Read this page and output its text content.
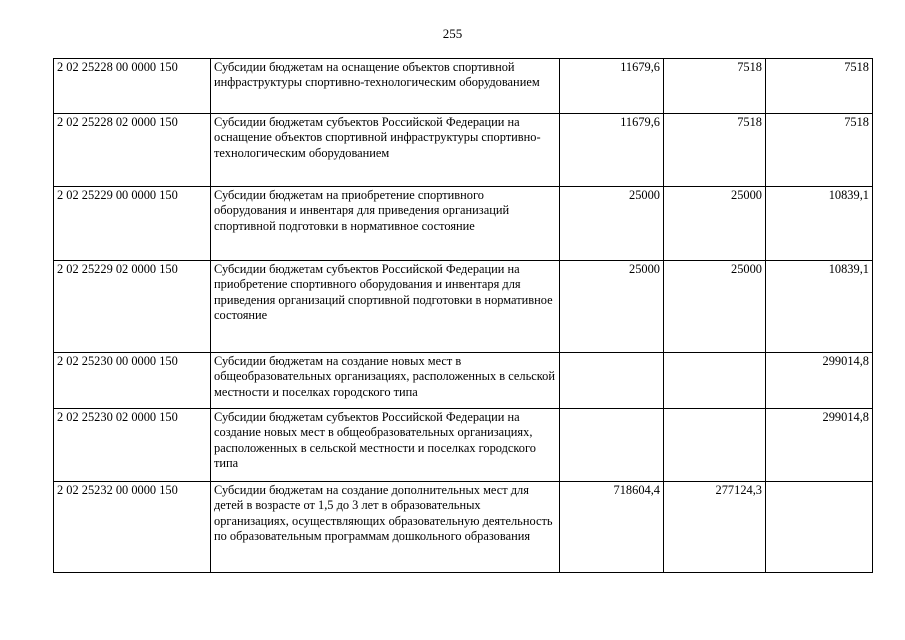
255
2 02 25228 00 0000 150	Субсидии бюджетам на оснащение объектов спортивной инфраструктуры спортивно-технологическим оборудованием	11679,6	7518	7518
2 02 25228 02 0000 150	Субсидии бюджетам субъектов Российской Федерации на оснащение объектов спортивной инфраструктуры спортивно-технологическим оборудованием	11679,6	7518	7518
2 02 25229 00 0000 150	Субсидии бюджетам на приобретение спортивного оборудования и инвентаря для приведения организаций спортивной подготовки в нормативное состояние	25000	25000	10839,1
2 02 25229 02 0000 150	Субсидии бюджетам субъектов Российской Федерации на приобретение спортивного оборудования и инвентаря для приведения организаций спортивной подготовки в нормативное состояние	25000	25000	10839,1
2 02 25230 00 0000 150	Субсидии бюджетам на создание новых мест в общеобразовательных организациях, расположенных в сельской местности и поселках городского типа			299014,8
2 02 25230 02 0000 150	Субсидии бюджетам субъектов Российской Федерации на создание новых мест в общеобразовательных организациях, расположенных в сельской местности и поселках городского типа			299014,8
2 02 25232 00 0000 150	Субсидии бюджетам на создание дополнительных мест для детей в возрасте от 1,5 до 3 лет в образовательных организациях, осуществляющих образовательную деятельность по образовательным программам дошкольного образования	718604,4	277124,3	
